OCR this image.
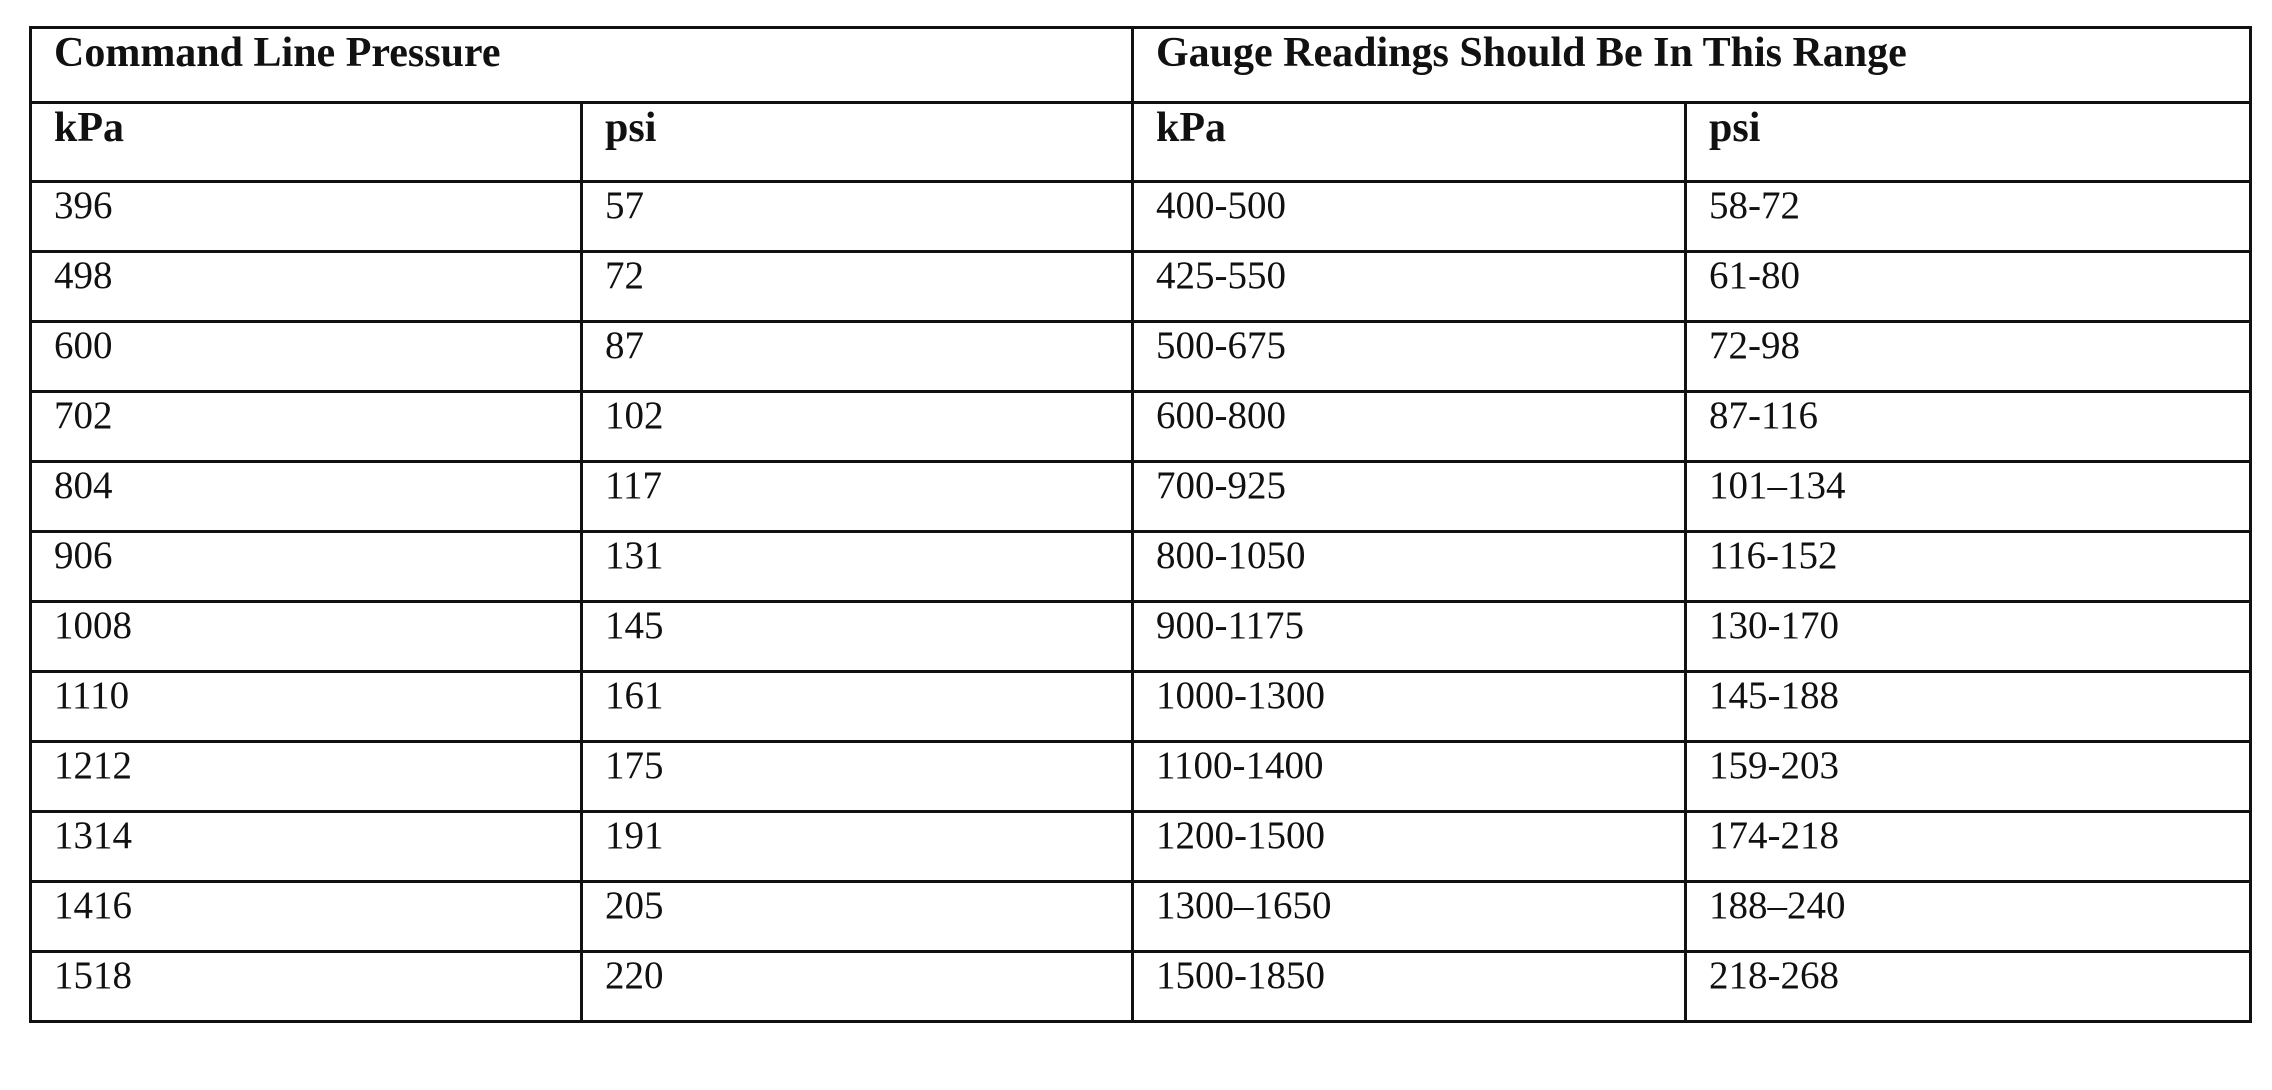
Command Line Pressure		Gauge Readings Should Be In This Range	
kPa	psi	kPa	psi
396	57	400-500	58-72
498	72	425-550	61-80
600	87	500-675	72-98
702	102	600-800	87-116
804	117	700-925	101–134
906	131	800-1050	116-152
1008	145	900-1175	130-170
1110	161	1000-1300	145-188
1212	175	1100-1400	159-203
1314	191	1200-1500	174-218
1416	205	1300–1650	188–240
1518	220	1500-1850	218-268
